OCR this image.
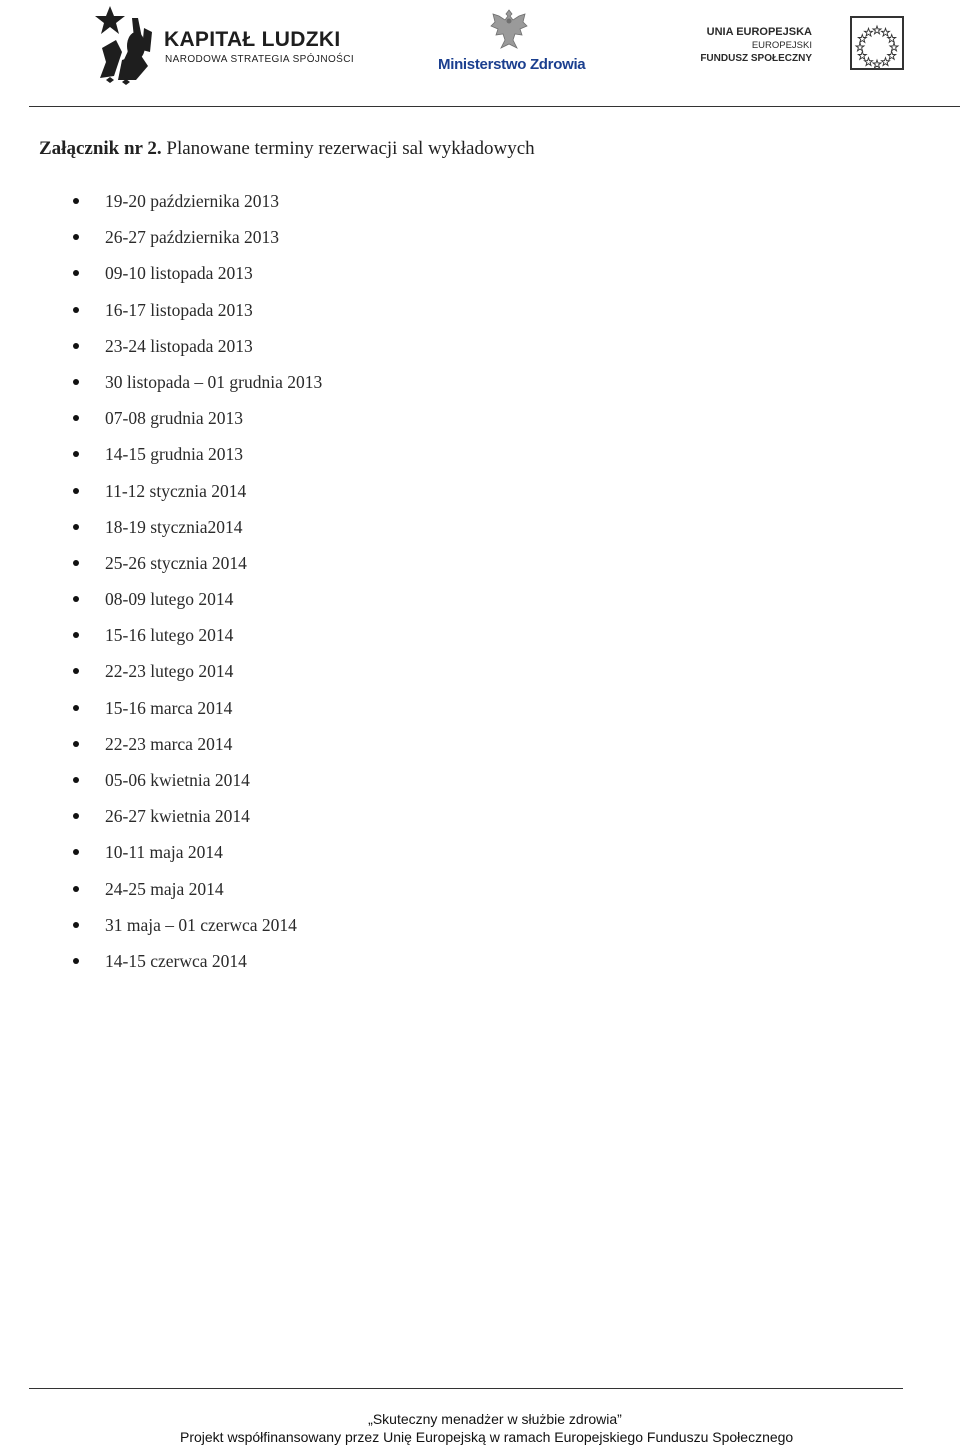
KAPITAŁ LUDZKI
NARODOWA STRATEGIA SPÓJNOŚCI	Ministerstwo Zdrowia
UNIA EUROPEJSKA
EUROPEJSKI
FUNDUSZ SPOŁECZNY
Załącznik nr 2. Planowane terminy rezerwacji sal wykładowych
19-20 października 2013
26-27 października 2013
09-10 listopada 2013
16-17 listopada 2013
23-24 listopada 2013
30 listopada – 01 grudnia 2013
07-08 grudnia 2013
14-15 grudnia 2013
11-12 stycznia 2014
18-19 stycznia2014
25-26 stycznia 2014
08-09 lutego 2014
15-16 lutego 2014
22-23 lutego 2014
15-16 marca 2014
22-23 marca 2014
05-06 kwietnia 2014
26-27 kwietnia 2014
10-11 maja 2014
24-25 maja 2014
31 maja – 01 czerwca 2014
14-15 czerwca 2014
„Skuteczny menadżer w służbie zdrowia”
Projekt współfinansowany przez Unię Europejską w ramach Europejskiego Funduszu Społecznego
